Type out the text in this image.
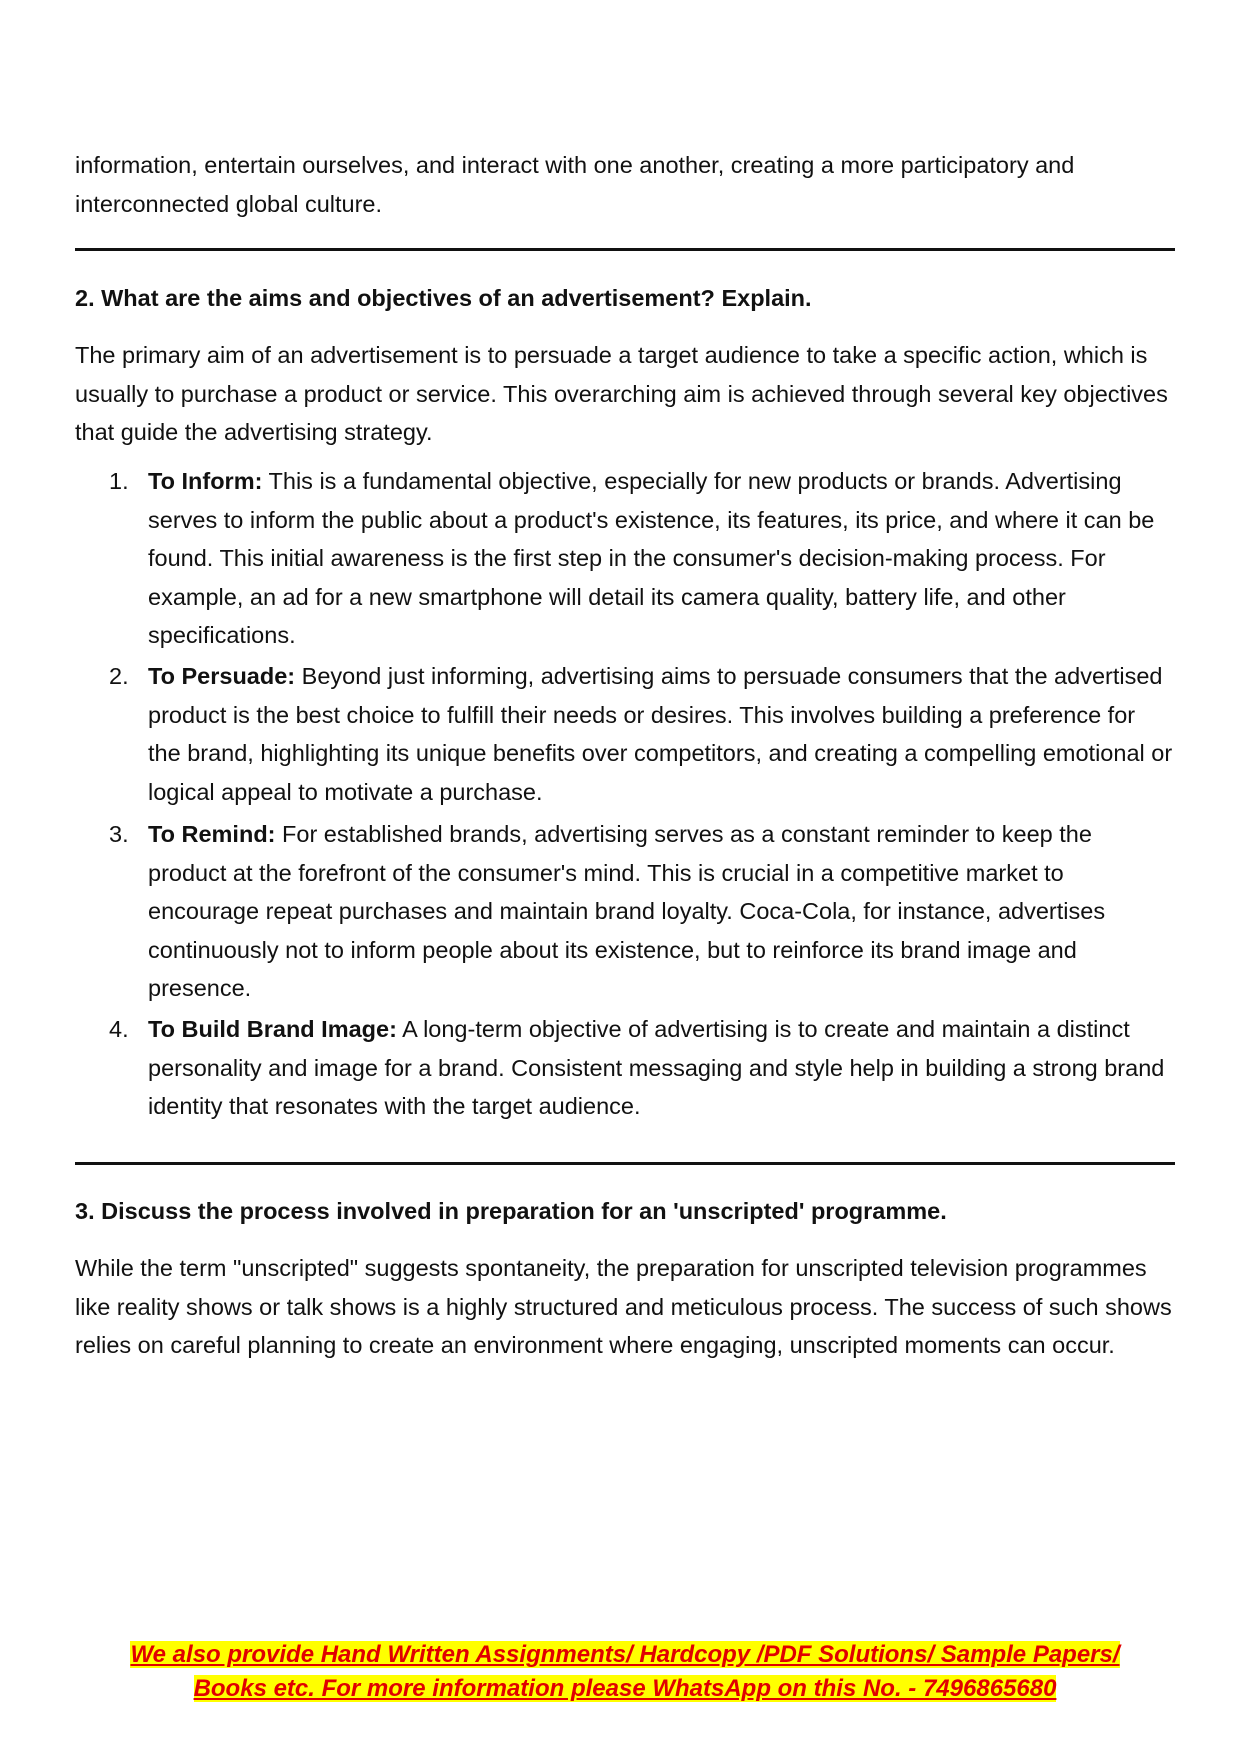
information, entertain ourselves, and interact with one another, creating a more participatory and interconnected global culture.

2. What are the aims and objectives of an advertisement? Explain.

The primary aim of an advertisement is to persuade a target audience to take a specific action, which is usually to purchase a product or service. This overarching aim is achieved through several key objectives that guide the advertising strategy.

1. To Inform: This is a fundamental objective, especially for new products or brands. Advertising serves to inform the public about a product's existence, its features, its price, and where it can be found. This initial awareness is the first step in the consumer's decision-making process. For example, an ad for a new smartphone will detail its camera quality, battery life, and other specifications.
2. To Persuade: Beyond just informing, advertising aims to persuade consumers that the advertised product is the best choice to fulfill their needs or desires. This involves building a preference for the brand, highlighting its unique benefits over competitors, and creating a compelling emotional or logical appeal to motivate a purchase.
3. To Remind: For established brands, advertising serves as a constant reminder to keep the product at the forefront of the consumer's mind. This is crucial in a competitive market to encourage repeat purchases and maintain brand loyalty. Coca-Cola, for instance, advertises continuously not to inform people about its existence, but to reinforce its brand image and presence.
4. To Build Brand Image: A long-term objective of advertising is to create and maintain a distinct personality and image for a brand. Consistent messaging and style help in building a strong brand identity that resonates with the target audience.
3. Discuss the process involved in preparation for an 'unscripted' programme.

While the term "unscripted" suggests spontaneity, the preparation for unscripted television programmes like reality shows or talk shows is a highly structured and meticulous process. The success of such shows relies on careful planning to create an environment where engaging, unscripted moments can occur.

We also provide Hand Written Assignments/ Hardcopy /PDF Solutions/ Sample Papers/
Books etc. For more information please WhatsApp on this No. - 7496865680
